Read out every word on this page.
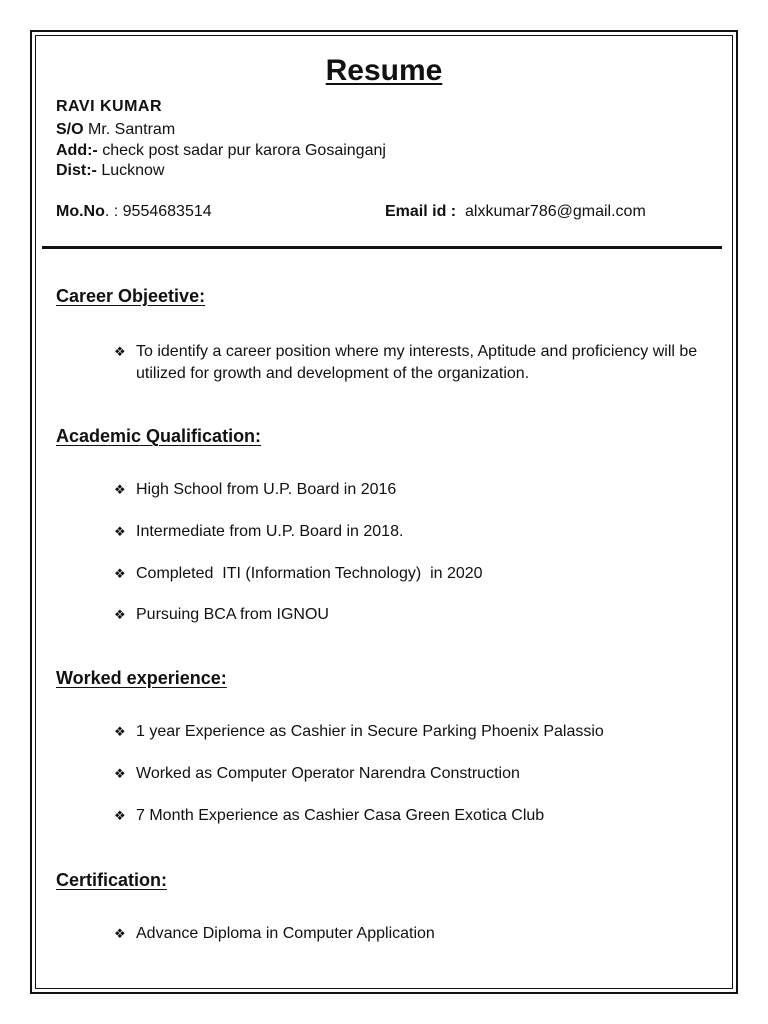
Resume
RAVI KUMAR
S/O Mr. Santram
Add:- check post sadar pur karora Gosainganj
Dist:- Lucknow
Mo.No. : 9554683514	Email id : alxkumar786@gmail.com
Career Objeetive:
❖ To identify a career position where my interests, Aptitude and proficiency will be utilized for growth and development of the organization.
Academic Qualification:
❖ High School from U.P. Board in 2016
❖ Intermediate from U.P. Board in 2018.
❖ Completed  ITI (Information Technology)  in 2020
❖ Pursuing BCA from IGNOU
Worked experience:
❖ 1 year Experience as Cashier in Secure Parking Phoenix Palassio
❖ Worked as Computer Operator Narendra Construction
❖ 7 Month Experience as Cashier Casa Green Exotica Club
Certification:
❖ Advance Diploma in Computer Application
